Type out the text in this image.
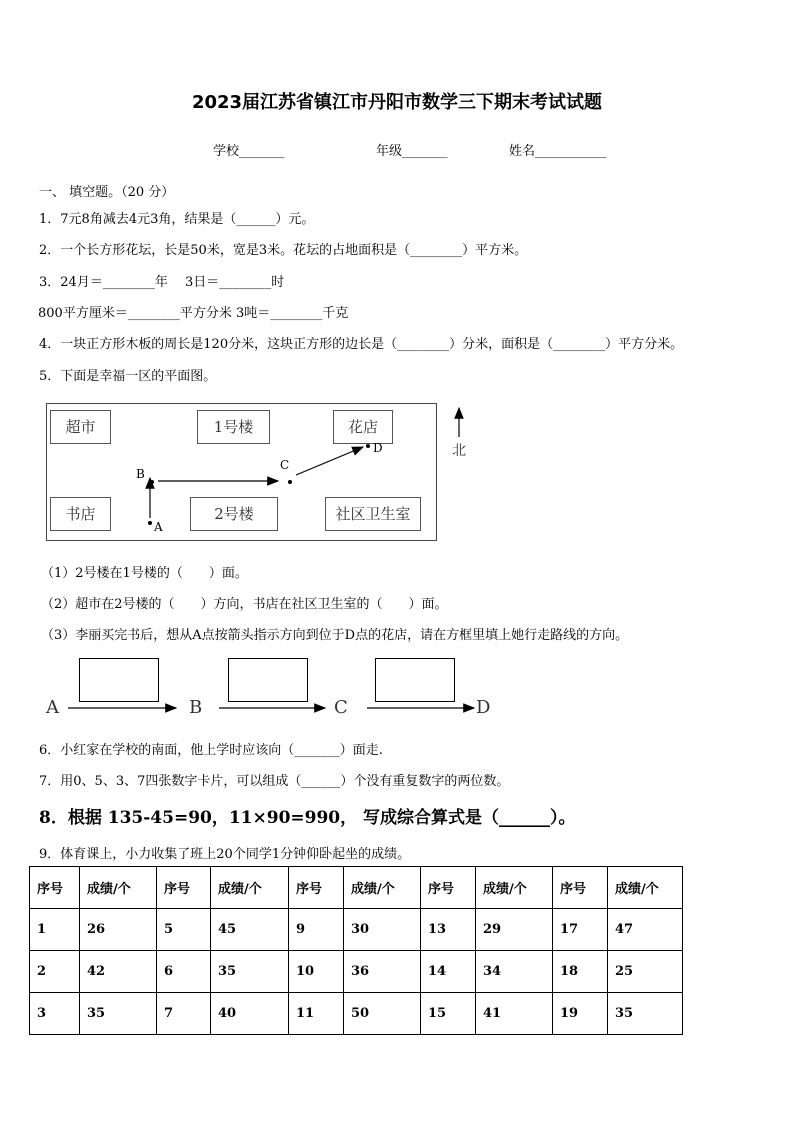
2023届江苏省镇江市丹阳市数学三下期末考试试题
学校_______	年级_______	姓名___________
一、 填空题。（20 分）
1．7元8角减去4元3角，结果是（______）元。
2．一个长方形花坛，长是50米，宽是3米。花坛的占地面积是（________）平方米。
3．24月＝________年　 3日＝________时
800平方厘米＝________平方分米 3吨＝________千克
4．一块正方形木板的周长是120分米，这块正方形的边长是（________）分米，面积是（________）平方分米。
5．下面是幸福一区的平面图。
超市	1号楼	花店
书店	2号楼	社区卫生室
A
B
C
D	北
（1）2号楼在1号楼的（　　）面。
（2）超市在2号楼的（　　）方向，书店在社区卫生室的（　　）面。
（3）李丽买完书后，想从A点按箭头指示方向到位于D点的花店，请在方框里填上她行走路线的方向。
A	B	C	D
6．小红家在学校的南面，他上学时应该向（_______）面走.
7．用0、5、3、7四张数字卡片，可以组成（______）个没有重复数字的两位数。
8．根据 135-45=90，11×90=990， 写成综合算式是（______）。
9．体育课上，小力收集了班上20个同学1分钟仰卧起坐的成绩。
序号	成绩/个	序号	成绩/个	序号	成绩/个	序号	成绩/个	序号	成绩/个
1	26	5	45	9	30	13	29	17	47
2	42	6	35	10	36	14	34	18	25
3	35	7	40	11	50	15	41	19	35
